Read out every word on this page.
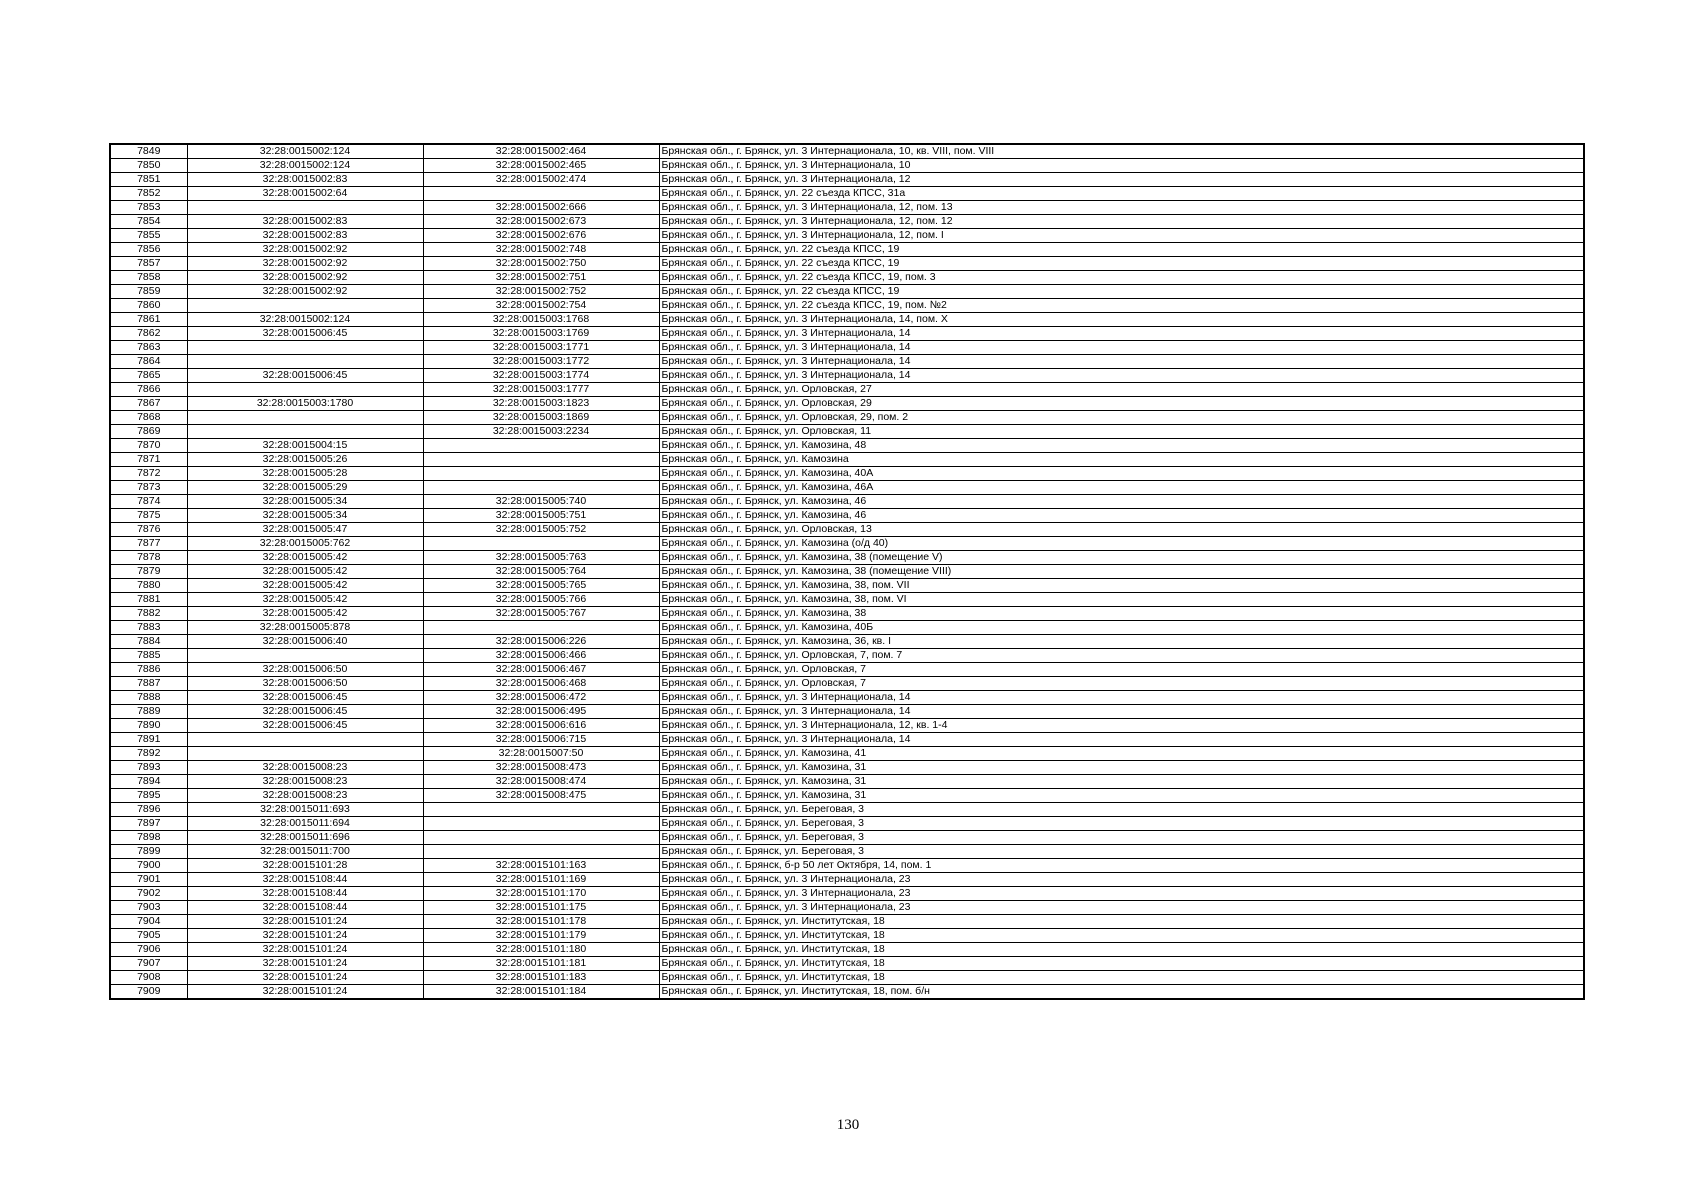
7849	32:28:0015002:124	32:28:0015002:464	Брянская обл., г. Брянск, ул. 3 Интернационала, 10, кв. VIII, пом. VIII
7850	32:28:0015002:124	32:28:0015002:465	Брянская обл., г. Брянск, ул. 3 Интернационала, 10
7851	32:28:0015002:83	32:28:0015002:474	Брянская обл., г. Брянск, ул. 3 Интернационала, 12
7852	32:28:0015002:64		Брянская обл., г. Брянск, ул. 22 съезда КПСС, 31а
7853		32:28:0015002:666	Брянская обл., г. Брянск, ул. 3 Интернационала, 12, пом. 13
7854	32:28:0015002:83	32:28:0015002:673	Брянская обл., г. Брянск, ул. 3 Интернационала, 12, пом. 12
7855	32:28:0015002:83	32:28:0015002:676	Брянская обл., г. Брянск, ул. 3 Интернационала, 12, пом. I
7856	32:28:0015002:92	32:28:0015002:748	Брянская обл., г. Брянск, ул. 22 съезда КПСС, 19
7857	32:28:0015002:92	32:28:0015002:750	Брянская обл., г. Брянск, ул. 22 съезда КПСС, 19
7858	32:28:0015002:92	32:28:0015002:751	Брянская обл., г. Брянск, ул. 22 съезда КПСС, 19, пом. 3
7859	32:28:0015002:92	32:28:0015002:752	Брянская обл., г. Брянск, ул. 22 съезда КПСС, 19
7860		32:28:0015002:754	Брянская обл., г. Брянск, ул. 22 съезда КПСС, 19, пом. №2
7861	32:28:0015002:124	32:28:0015003:1768	Брянская обл., г. Брянск, ул. 3 Интернационала, 14, пом. X
7862	32:28:0015006:45	32:28:0015003:1769	Брянская обл., г. Брянск, ул. 3 Интернационала, 14
7863		32:28:0015003:1771	Брянская обл., г. Брянск, ул. 3 Интернационала, 14
7864		32:28:0015003:1772	Брянская обл., г. Брянск, ул. 3 Интернационала, 14
7865	32:28:0015006:45	32:28:0015003:1774	Брянская обл., г. Брянск, ул. 3 Интернационала, 14
7866		32:28:0015003:1777	Брянская обл., г. Брянск, ул. Орловская, 27
7867	32:28:0015003:1780	32:28:0015003:1823	Брянская обл., г. Брянск, ул. Орловская, 29
7868		32:28:0015003:1869	Брянская обл., г. Брянск, ул. Орловская, 29, пом. 2
7869		32:28:0015003:2234	Брянская обл., г. Брянск, ул. Орловская, 11
7870	32:28:0015004:15		Брянская обл., г. Брянск, ул. Камозина, 48
7871	32:28:0015005:26		Брянская обл., г. Брянск, ул. Камозина
7872	32:28:0015005:28		Брянская обл., г. Брянск, ул. Камозина, 40А
7873	32:28:0015005:29		Брянская обл., г. Брянск, ул. Камозина, 46А
7874	32:28:0015005:34	32:28:0015005:740	Брянская обл., г. Брянск, ул. Камозина, 46
7875	32:28:0015005:34	32:28:0015005:751	Брянская обл., г. Брянск, ул. Камозина, 46
7876	32:28:0015005:47	32:28:0015005:752	Брянская обл., г. Брянск, ул. Орловская, 13
7877	32:28:0015005:762		Брянская обл., г. Брянск, ул. Камозина (о/д 40)
7878	32:28:0015005:42	32:28:0015005:763	Брянская обл., г. Брянск, ул. Камозина, 38 (помещение V)
7879	32:28:0015005:42	32:28:0015005:764	Брянская обл., г. Брянск, ул. Камозина, 38 (помещение VIII)
7880	32:28:0015005:42	32:28:0015005:765	Брянская обл., г. Брянск, ул. Камозина, 38, пом. VII
7881	32:28:0015005:42	32:28:0015005:766	Брянская обл., г. Брянск, ул. Камозина, 38, пом. VI
7882	32:28:0015005:42	32:28:0015005:767	Брянская обл., г. Брянск, ул. Камозина, 38
7883	32:28:0015005:878		Брянская обл., г. Брянск, ул. Камозина, 40Б
7884	32:28:0015006:40	32:28:0015006:226	Брянская обл., г. Брянск, ул. Камозина, 36, кв. I
7885		32:28:0015006:466	Брянская обл., г. Брянск, ул. Орловская, 7, пом. 7
7886	32:28:0015006:50	32:28:0015006:467	Брянская обл., г. Брянск, ул. Орловская, 7
7887	32:28:0015006:50	32:28:0015006:468	Брянская обл., г. Брянск, ул. Орловская, 7
7888	32:28:0015006:45	32:28:0015006:472	Брянская обл., г. Брянск, ул. 3 Интернационала, 14
7889	32:28:0015006:45	32:28:0015006:495	Брянская обл., г. Брянск, ул. 3 Интернационала, 14
7890	32:28:0015006:45	32:28:0015006:616	Брянская обл., г. Брянск, ул. 3 Интернационала, 12, кв. 1-4
7891		32:28:0015006:715	Брянская обл., г. Брянск, ул. 3 Интернационала, 14
7892		32:28:0015007:50	Брянская обл., г. Брянск, ул. Камозина, 41
7893	32:28:0015008:23	32:28:0015008:473	Брянская обл., г. Брянск, ул. Камозина, 31
7894	32:28:0015008:23	32:28:0015008:474	Брянская обл., г. Брянск, ул. Камозина, 31
7895	32:28:0015008:23	32:28:0015008:475	Брянская обл., г. Брянск, ул. Камозина, 31
7896	32:28:0015011:693		Брянская обл., г. Брянск, ул. Береговая, 3
7897	32:28:0015011:694		Брянская обл., г. Брянск, ул. Береговая, 3
7898	32:28:0015011:696		Брянская обл., г. Брянск, ул. Береговая, 3
7899	32:28:0015011:700		Брянская обл., г. Брянск, ул. Береговая, 3
7900	32:28:0015101:28	32:28:0015101:163	Брянская обл., г. Брянск, б-р 50 лет Октября, 14, пом. 1
7901	32:28:0015108:44	32:28:0015101:169	Брянская обл., г. Брянск, ул. 3 Интернационала, 23
7902	32:28:0015108:44	32:28:0015101:170	Брянская обл., г. Брянск, ул. 3 Интернационала, 23
7903	32:28:0015108:44	32:28:0015101:175	Брянская обл., г. Брянск, ул. 3 Интернационала, 23
7904	32:28:0015101:24	32:28:0015101:178	Брянская обл., г. Брянск, ул. Институтская, 18
7905	32:28:0015101:24	32:28:0015101:179	Брянская обл., г. Брянск, ул. Институтская, 18
7906	32:28:0015101:24	32:28:0015101:180	Брянская обл., г. Брянск, ул. Институтская, 18
7907	32:28:0015101:24	32:28:0015101:181	Брянская обл., г. Брянск, ул. Институтская, 18
7908	32:28:0015101:24	32:28:0015101:183	Брянская обл., г. Брянск, ул. Институтская, 18
7909	32:28:0015101:24	32:28:0015101:184	Брянская обл., г. Брянск, ул. Институтская, 18, пом. б/н
130
